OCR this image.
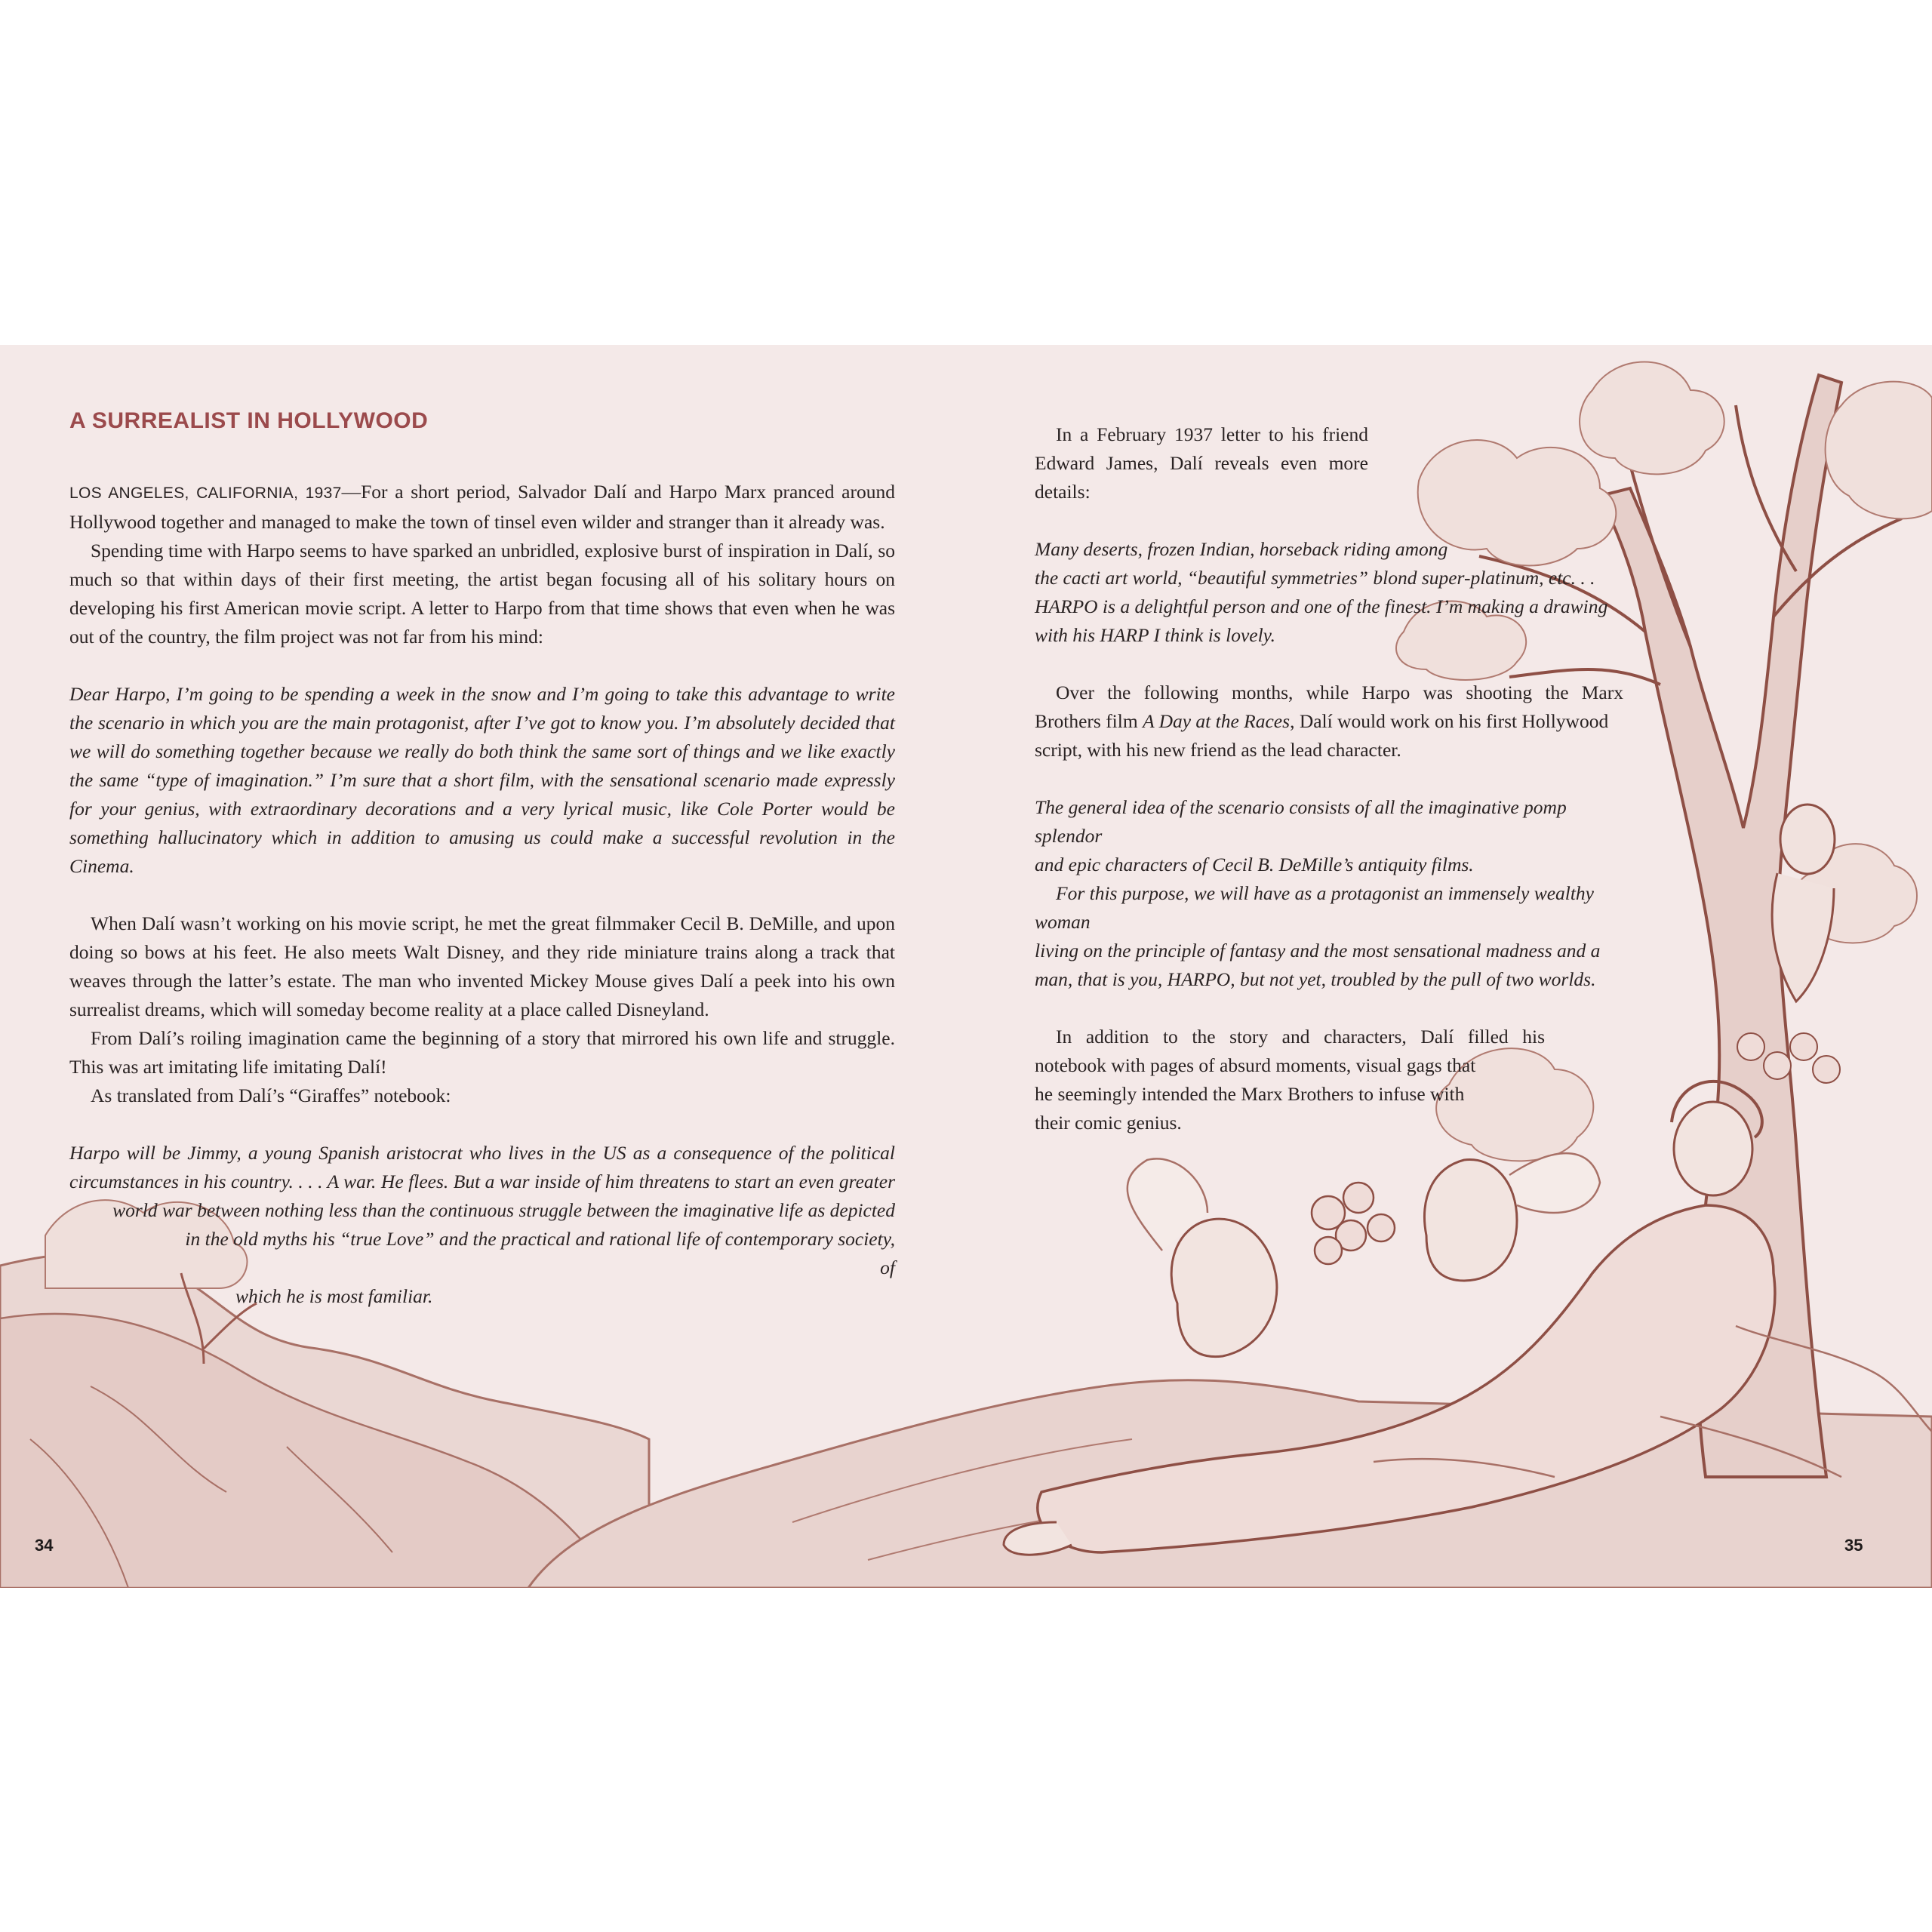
A SURREALIST IN HOLLYWOOD

LOS ANGELES, CALIFORNIA, 1937—For a short period, Salvador Dalí and Harpo Marx pranced around Hollywood together and managed to make the town of tinsel even wilder and stranger than it already was.

Spending time with Harpo seems to have sparked an unbridled, explosive burst of inspiration in Dalí, so much so that within days of their first meeting, the artist began focusing all of his solitary hours on developing his first American movie script. A letter to Harpo from that time shows that even when he was out of the country, the film project was not far from his mind:

Dear Harpo, I’m going to be spending a week in the snow and I’m going to take this advantage to write the scenario in which you are the main protagonist, after I’ve got to know you. I’m absolutely decided that we will do something together because we really do both think the same sort of things and we like exactly the same “type of imagination.” I’m sure that a short film, with the sensational scenario made expressly for your genius, with extraordinary decorations and a very lyrical music, like Cole Porter would be something hallucinatory which in addition to amusing us could make a successful revolution in the Cinema.

When Dalí wasn’t working on his movie script, he met the great filmmaker Cecil B. DeMille, and upon doing so bows at his feet. He also meets Walt Disney, and they ride miniature trains along a track that weaves through the latter’s estate. The man who invented Mickey Mouse gives Dalí a peek into his own surrealist dreams, which will someday become reality at a place called Disneyland.

From Dalí’s roiling imagination came the beginning of a story that mirrored his own life and struggle. This was art imitating life imitating Dalí!

As translated from Dalí’s “Giraffes” notebook:

Harpo will be Jimmy, a young Spanish aristocrat who lives in the US as a consequence of the political
circumstances in his country. . . . A war. He flees. But a war inside of him threatens to start an even greater
world war between nothing less than the continuous struggle between the imaginative life as depicted
in the old myths his “true Love” and the practical and rational life of contemporary society, of
which he is most familiar.
In a February 1937 letter to his friend
Edward James, Dalí reveals even more
details:
Many deserts, frozen Indian, horseback riding among
the cacti art world, “beautiful symmetries” blond super-platinum, etc. . .
HARPO is a delightful person and one of the finest. I’m making a drawing
with his HARP I think is lovely.
Over the following months, while Harpo was shooting the Marx
Brothers film A Day at the Races, Dalí would work on his first Hollywood
script, with his new friend as the lead character.
The general idea of the scenario consists of all the imaginative pomp splendor
and epic characters of Cecil B. DeMille’s antiquity films.
For this purpose, we will have as a protagonist an immensely wealthy woman
living on the principle of fantasy and the most sensational madness and a
man, that is you, HARPO, but not yet, troubled by the pull of two worlds.
In addition to the story and characters, Dalí filled his
notebook with pages of absurd moments, visual gags that
he seemingly intended the Marx Brothers to infuse with
their comic genius.
34	35
